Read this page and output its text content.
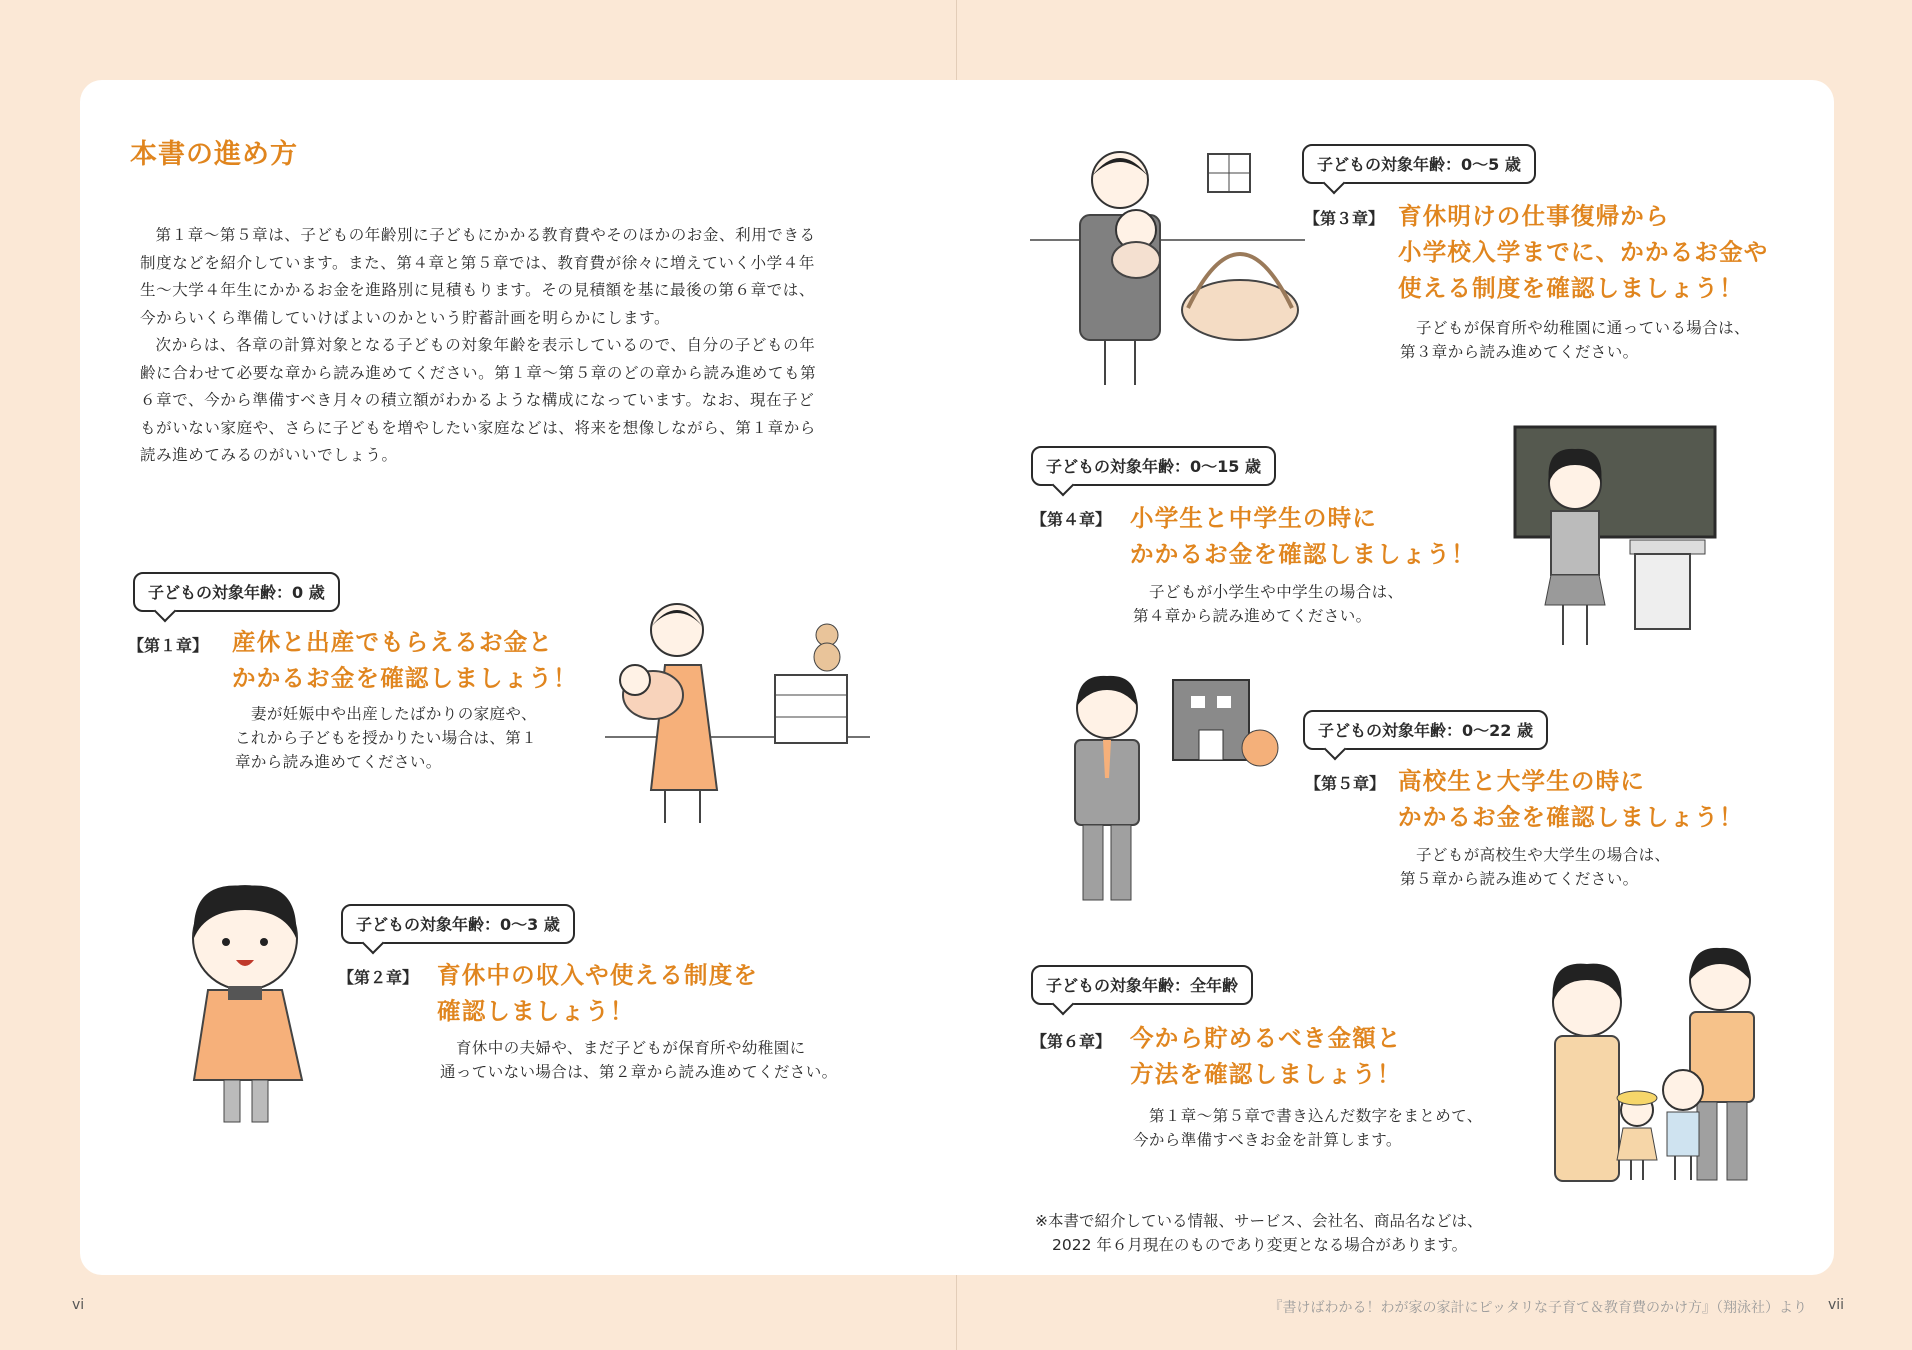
本書の進め方

第１章〜第５章は、子どもの年齢別に子どもにかかる教育費やそのほかのお金、利用できる制度などを紹介しています。また、第４章と第５章では、教育費が徐々に増えていく小学４年生〜大学４年生にかかるお金を進路別に見積もります。その見積額を基に最後の第６章では、今からいくら準備していけばよいのかという貯蓄計画を明らかにします。

次からは、各章の計算対象となる子どもの対象年齢を表示しているので、自分の子どもの年齢に合わせて必要な章から読み進めてください。第１章〜第５章のどの章から読み進めても第６章で、今から準備すべき月々の積立額がわかるような構成になっています。なお、現在子どもがいない家庭や、さらに子どもを増やしたい家庭などは、将来を想像しながら、第１章から読み進めてみるのがいいでしょう。

子どもの対象年齢：0 歳
【第１章】 産休と出産でもらえるお金と
かかるお金を確認しましょう！
妻が妊娠中や出産したばかりの家庭や、
これから子どもを授かりたい場合は、第１
章から読み進めてください。
子どもの対象年齢：0〜3 歳
【第２章】 育休中の収入や使える制度を
確認しましょう！
育休中の夫婦や、まだ子どもが保育所や幼稚園に
通っていない場合は、第２章から読み進めてください。
子どもの対象年齢：0〜5 歳
【第３章】 育休明けの仕事復帰から
小学校入学までに、かかるお金や
使える制度を確認しましょう！
子どもが保育所や幼稚園に通っている場合は、
第３章から読み進めてください。
子どもの対象年齢：0〜15 歳
【第４章】 小学生と中学生の時に
かかるお金を確認しましょう！
子どもが小学生や中学生の場合は、
第４章から読み進めてください。
子どもの対象年齢：0〜22 歳
【第５章】 高校生と大学生の時に
かかるお金を確認しましょう！
子どもが高校生や大学生の場合は、
第５章から読み進めてください。
子どもの対象年齢：全年齢
【第６章】 今から貯めるべき金額と
方法を確認しましょう！
第１章〜第５章で書き込んだ数字をまとめて、
今から準備すべきお金を計算します。
※本書で紹介している情報、サービス、会社名、商品名などは、
2022 年６月現在のものであり変更となる場合があります。
vi	vii
『書けばわかる！わが家の家計にピッタリな子育て＆教育費のかけ方』（翔泳社）より
